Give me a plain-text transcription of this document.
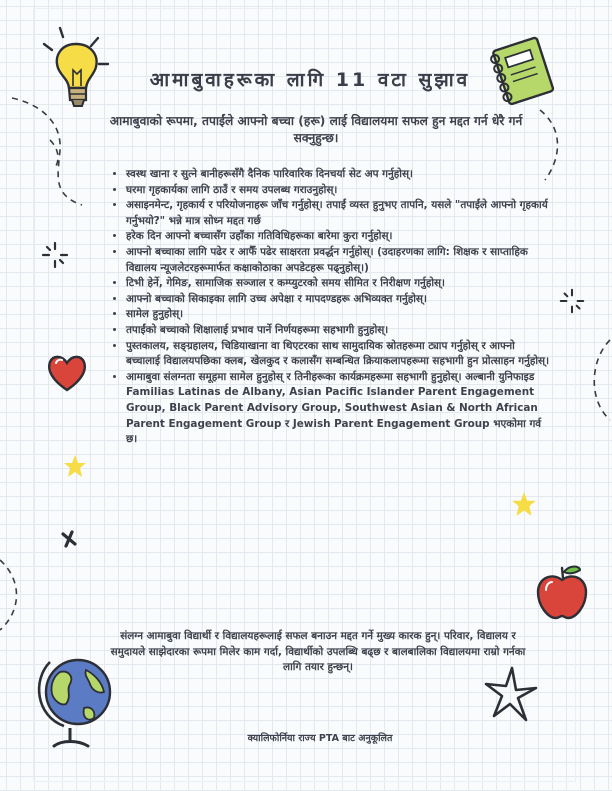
आमाबुवाहरूका लागि 11 वटा सुझाव

आमाबुवाको रूपमा, तपाईंले आफ्नो बच्चा (हरू) लाई विद्यालयमा सफल हुन मद्दत गर्न धेरै गर्न सक्नुहुन्छ।

• स्वस्थ खाना र सुत्ने बानीहरूसँगै दैनिक पारिवारिक दिनचर्या सेट अप गर्नुहोस्।
• घरमा गृहकार्यका लागि ठाउँ र समय उपलब्ध गराउनुहोस्।
• असाइनमेन्ट, गृहकार्य र परियोजनाहरू जाँच गर्नुहोस्। तपाईं व्यस्त हुनुभए तापनि, यसले "तपाईंले आफ्नो गृहकार्य गर्नुभयो?" भन्ने मात्र सोध्न मद्दत गर्छ
• हरेक दिन आफ्नो बच्चासँग उहाँका गतिविधिहरूका बारेमा कुरा गर्नुहोस्।
• आफ्नो बच्चाका लागि पढेर र आफैँ पढेर साक्षरता प्रवर्द्धन गर्नुहोस्। (उदाहरणका लागि: शिक्षक र साप्ताहिक विद्यालय न्यूजलेटरहरूमार्फत कक्षाकोठाका अपडेटहरू पढ्नुहोस्।)
• टिभी हेर्ने, गेमिङ, सामाजिक सञ्जाल र कम्प्युटरको समय सीमित र निरीक्षण गर्नुहोस्।
• आफ्नो बच्चाको सिकाइका लागि उच्च अपेक्षा र मापदण्डहरू अभिव्यक्त गर्नुहोस्।
• सामेल हुनुहोस्।
• तपाईंको बच्चाको शिक्षालाई प्रभाव पार्ने निर्णयहरूमा सहभागी हुनुहोस्।
• पुस्तकालय, सङ्ग्रहालय, चिडियाखाना वा थिएटरका साथ सामुदायिक स्रोतहरूमा ट्याप गर्नुहोस् र आफ्नो बच्चालाई विद्यालयपछिका क्लब, खेलकुद र कलासँग सम्बन्धित क्रियाकलापहरूमा सहभागी हुन प्रोत्साहन गर्नुहोस्।
• आमाबुवा संलग्नता समूहमा सामेल हुनुहोस् र तिनीहरूका कार्यक्रमहरूमा सहभागी हुनुहोस्। अल्बानी युनिफाइड Familias Latinas de Albany, Asian Pacific Islander Parent Engagement Group, Black Parent Advisory Group, Southwest Asian & North African Parent Engagement Group र Jewish Parent Engagement Group भएकोमा गर्व छ।

संलग्न आमाबुवा विद्यार्थी र विद्यालयहरूलाई सफल बनाउन मद्दत गर्ने मुख्य कारक हुन्। परिवार, विद्यालय र समुदायले साझेदारका रूपमा मिलेर काम गर्दा, विद्यार्थीको उपलब्धि बढ्छ र बालबालिका विद्यालयमा राम्रो गर्नका लागि तयार हुन्छन्।

क्यालिफोर्निया राज्य PTA बाट अनुकूलित
